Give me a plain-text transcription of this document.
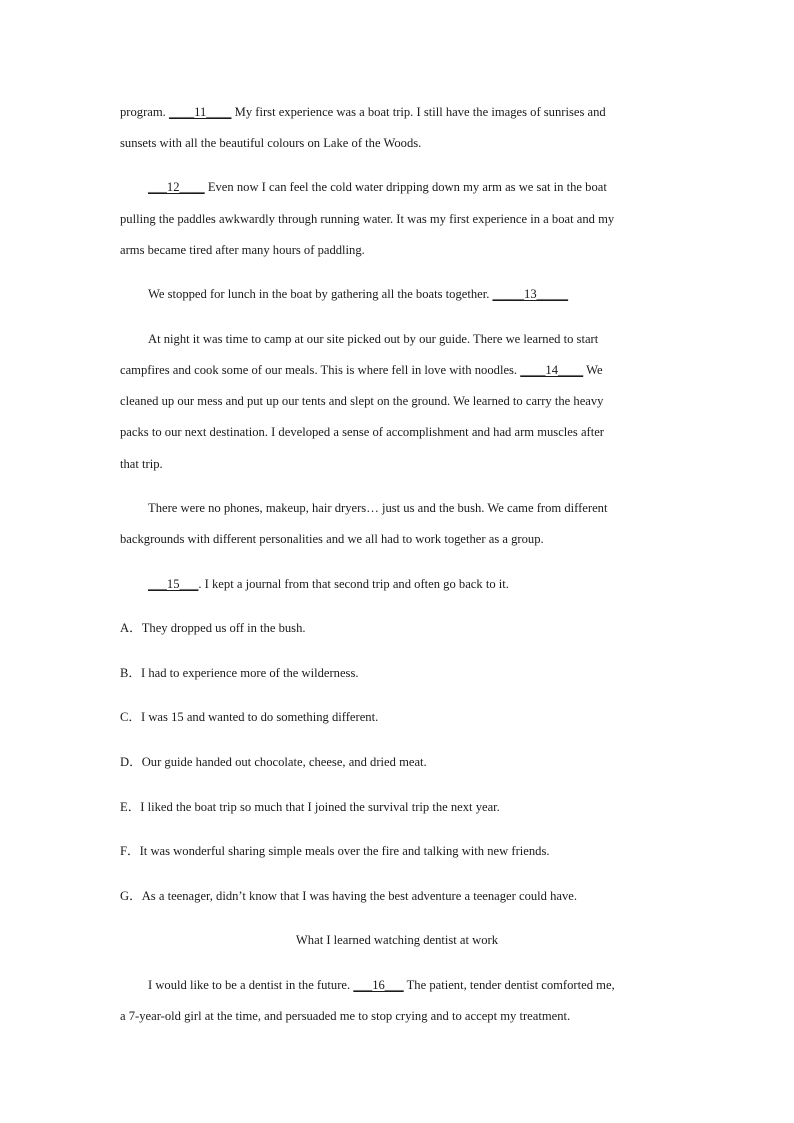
program. ____11____ My first experience was a boat trip. I still have the images of sunrises and
sunsets with all the beautiful colours on Lake of the Woods.
___12____ Even now I can feel the cold water dripping down my arm as we sat in the boat
pulling the paddles awkwardly through running water. It was my first experience in a boat and my
arms became tired after many hours of paddling.
We stopped for lunch in the boat by gathering all the boats together. _____13_____
At night it was time to camp at our site picked out by our guide. There we learned to start
campfires and cook some of our meals. This is where fell in love with noodles. ____14____ We
cleaned up our mess and put up our tents and slept on the ground. We learned to carry the heavy
packs to our next destination. I developed a sense of accomplishment and had arm muscles after
that trip.
There were no phones, makeup, hair dryers… just us and the bush. We came from different
backgrounds with different personalities and we all had to work together as a group.
___15___. I kept a journal from that second trip and often go back to it.
A．They dropped us off in the bush.
B．I had to experience more of the wilderness.
C．I was 15 and wanted to do something different.
D．Our guide handed out chocolate, cheese, and dried meat.
E．I liked the boat trip so much that I joined the survival trip the next year.
F．It was wonderful sharing simple meals over the fire and talking with new friends.
G．As a teenager, didn’t know that I was having the best adventure a teenager could have.
What I learned watching dentist at work
I would like to be a dentist in the future. ___16___ The patient, tender dentist comforted me,
a 7-year-old girl at the time, and persuaded me to stop crying and to accept my treatment.
